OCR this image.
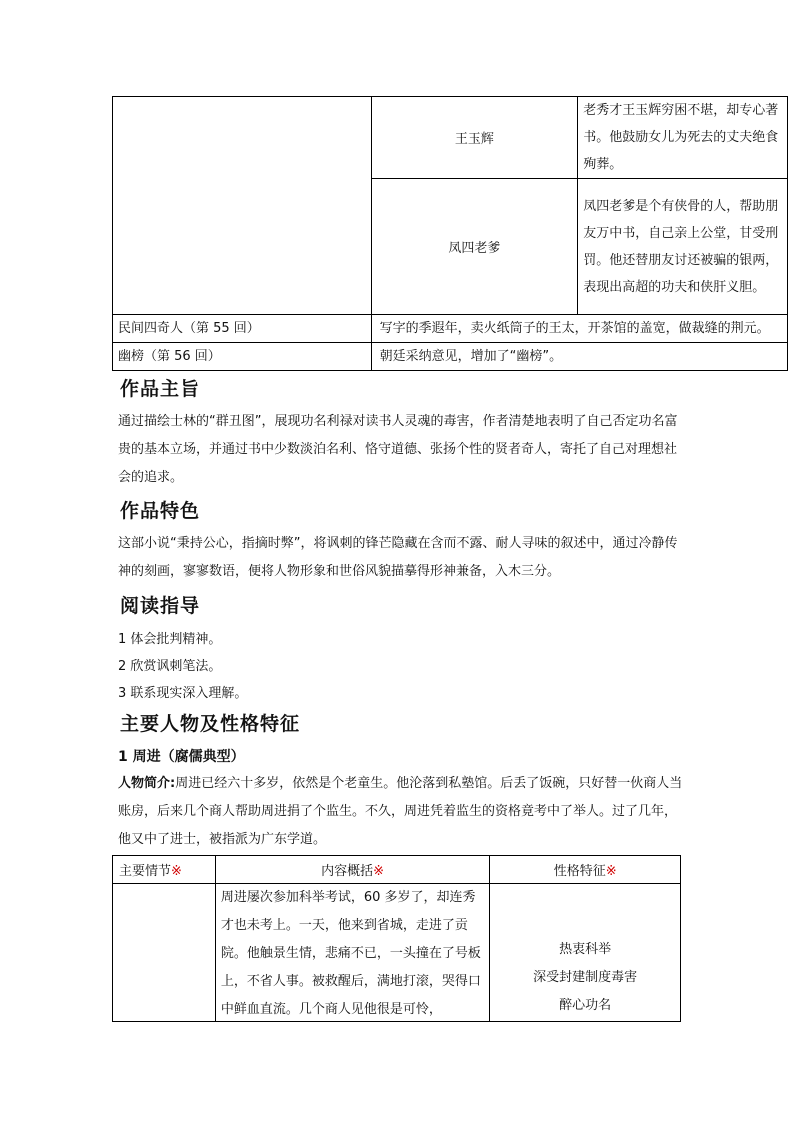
	王玉辉	老秀才王玉辉穷困不堪，却专心著书。他鼓励女儿为死去的丈夫绝食殉葬。

	凤四老爹	凤四老爹是个有侠骨的人，帮助朋友万中书，自己亲上公堂，甘受刑罚。他还替朋友讨还被骗的银两，表现出高超的功夫和侠肝义胆。

民间四奇人（第 55 回）	写字的季遐年，卖火纸筒子的王太，开茶馆的盖宽，做裁缝的荆元。	

幽榜（第 56 回）	朝廷采纳意见，增加了“幽榜”。	
作品主旨
通过描绘士林的“群丑图”，展现功名利禄对读书人灵魂的毒害，作者清楚地表明了自己否定功名富贵的基本立场，并通过书中少数淡泊名利、恪守道德、张扬个性的贤者奇人，寄托了自己对理想社会的追求。
作品特色
这部小说“秉持公心，指摘时弊”，将讽刺的锋芒隐藏在含而不露、耐人寻味的叙述中，通过冷静传神的刻画，寥寥数语，便将人物形象和世俗风貌描摹得形神兼备，入木三分。
阅读指导
1 体会批判精神。
2 欣赏讽刺笔法。
3 联系现实深入理解。
主要人物及性格特征
1 周进（腐儒典型）
人物简介:周进已经六十多岁，依然是个老童生。他沦落到私塾馆。后丢了饭碗，只好替一伙商人当账房，后来几个商人帮助周进捐了个监生。不久，周进凭着监生的资格竟考中了举人。过了几年，他又中了进士，被指派为广东学道。
主要情节※	内容概括※	性格特征※

	周进屡次参加科举考试，60 多岁了，却连秀才也未考上。一天，他来到省城，走进了贡院。他触景生情，悲痛不已，一头撞在了号板上，不省人事。被救醒后，满地打滚，哭得口中鲜血直流。几个商人见他很是可怜，	热衷科举
深受封建制度毒害
醉心功名
